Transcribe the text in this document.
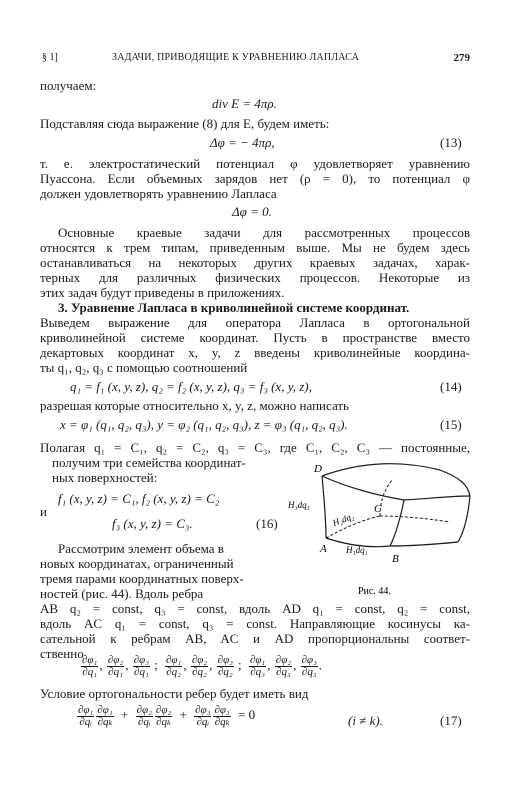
§ 1]	ЗАДАЧИ, ПРИВОДЯЩИЕ К УРАВНЕНИЮ ЛАПЛАСА	279
получаем:
div E = 4πρ.
Подставляя сюда выражение (8) для E, будем иметь:
Δφ = − 4πρ,	(13)
т. е. электростатический потенциал φ удовлетворяет уравнению
Пуассона. Если объемных зарядов нет (ρ = 0), то потенциал φ
должен удовлетворять уравнению Лапласа
Δφ = 0.
Основные краевые задачи для рассмотренных процессов
относятся к трем типам, приведенным выше. Мы не будем здесь
останавливаться на некоторых других краевых задачах, харак-
терных для различных физических процессов. Некоторые из
этих задач будут приведены в приложениях.
3. Уравнение Лапласа в криволинейной системе координат.
Выведем выражение для оператора Лапласа в ортогональной
криволинейной системе координат. Пусть в пространстве вместо
декартовых координат x, y, z введены криволинейные координа-
ты q₁, q₂, q₃ с помощью соотношений
q₁ = f₁ (x, y, z), q₂ = f₂ (x, y, z), q₃ = f₃ (x, y, z),	(14)
разрешая которые относительно x, y, z, можно написать
x = φ₁ (q₁, q₂, q₃), y = φ₂ (q₁, q₂, q₃), z = φ₃ (q₁, q₂, q₃).	(15)
Полагая q₁ = C₁, q₂ = C₂, q₃ = C₃, где C₁, C₂, C₃ — постоянные,
получим три семейства координат-
ных поверхностей:
f₁ (x, y, z) = C₁, f₂ (x, y, z) = C₂
и
f₃ (x, y, z) = C₃.	(16)
Рассмотрим элемент объема в
новых координатах, ограниченный
тремя парами координатных поверх-
ностей (рис. 44). Вдоль ребра
D
C
A
B
H₃dq₃
H₂dq₂
H₁dq₁
Рис. 44.
AB q₂ = const, q₃ = const, вдоль AD q₁ = const, q₂ = const,
вдоль AC q₁ = const, q₃ = const. Направляющие косинусы ка-
сательной к ребрам AB, AC и AD пропорциональны соответ-
ственно
$\frac{\text{∂φ₁}}{\text{∂q₁}}$ , $\frac{\text{∂φ₂}}{\text{∂q₁}}$ , $\frac{\text{∂φ₃}}{\text{∂q₁}}$ ; $\frac{\text{∂φ₁}}{\text{∂q₂}}$ , $\frac{\text{∂φ₂}}{\text{∂q₂}}$ , $\frac{\text{∂φ₃}}{\text{∂q₂}}$ ; $\frac{\text{∂φ₁}}{\text{∂q₃}}$ , $\frac{\text{∂φ₂}}{\text{∂q₃}}$ , $\frac{\text{∂φ₃}}{\text{∂q₃}}$ .
Условие ортогональности ребер будет иметь вид
$\frac{\text{∂φ₁}}{\text{∂qᵢ}} \frac{\text{∂φ₁}}{\text{∂qₖ}} + \frac{\text{∂φ₂}}{\text{∂qᵢ}} \frac{\text{∂φ₂}}{\text{∂qₖ}} + \frac{\text{∂φ₃}}{\text{∂qᵢ}} \frac{\text{∂φ₃}}{\text{∂qₖ}} = 0$	(i ≠ k).	(17)
